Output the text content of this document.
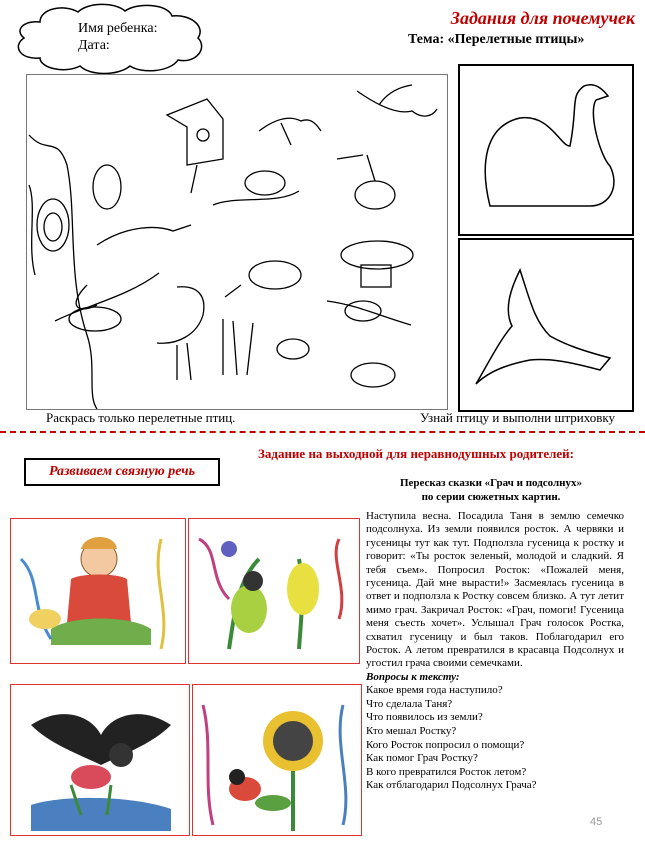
Имя ребенка:
Дата:
Задания для почемучек
Тема: «Перелетные птицы»
Раскрась только перелетные птиц.	Узнай птицу и выполни штриховку
Задание на выходной для неравнодушных родителей:
Развиваем связную речь
Пересказ сказки «Грач и подсолнух»
по серии сюжетных картин.
Наступила весна. Посадила Таня в землю семечко подсолнуха. Из земли появился росток. А червяки и гусеницы тут как тут. Подползла гусеница к ростку и говорит: «Ты росток зеленый, молодой и сладкий. Я тебя съем». Попросил Росток: «Пожалей меня, гусеница. Дай мне вырасти!» Засмеялась гусеница в ответ и подползла к Ростку совсем близко. А тут летит мимо грач. Закричал Росток: «Грач, помоги! Гусеница меня съесть хочет». Услышал Грач голосок Ростка, схватил гусеницу и был таков. Поблагодарил его Росток. А летом превратился в красавца Подсолнух и угостил грача своими семечками.
Вопросы к тексту:
Какое время года наступило?
Что сделала Таня?
Что появилось из земли?
Кто мешал Ростку?
Кого Росток попросил о помощи?
Как помог Грач Ростку?
В кого превратился Росток летом?
Как отблагодарил Подсолнух Грача?
45
